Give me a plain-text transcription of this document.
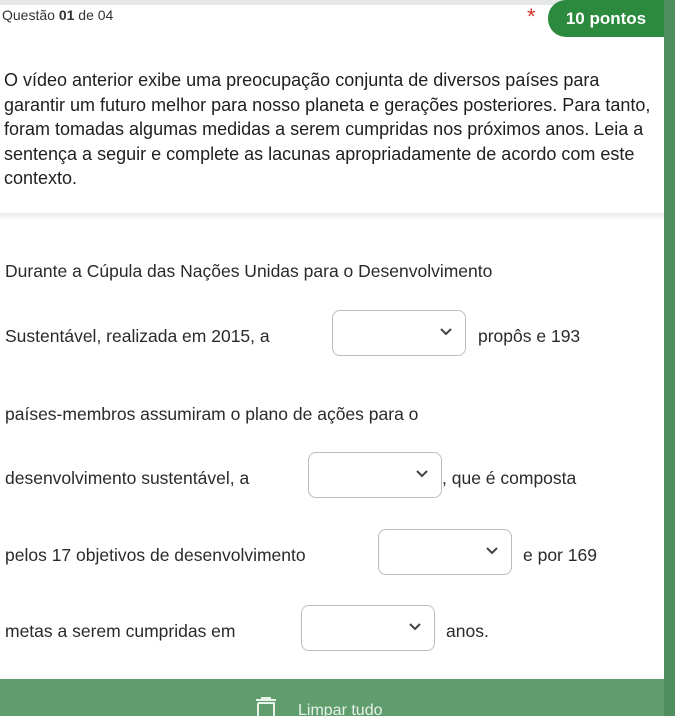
Questão 01 de 04	*	10 pontos
O vídeo anterior exibe uma preocupação conjunta de diversos países para garantir um futuro melhor para nosso planeta e gerações posteriores. Para tanto, foram tomadas algumas medidas a serem cumpridas nos próximos anos. Leia a sentença a seguir e complete as lacunas apropriadamente de acordo com este contexto.
Durante a Cúpula das Nações Unidas para o Desenvolvimento
Sustentável, realizada em 2015, a	propôs e 193
países-membros assumiram o plano de ações para o
desenvolvimento sustentável, a	, que é composta
pelos 17 objetivos de desenvolvimento	e por 169
metas a serem cumpridas em	anos.
Limpar tudo
